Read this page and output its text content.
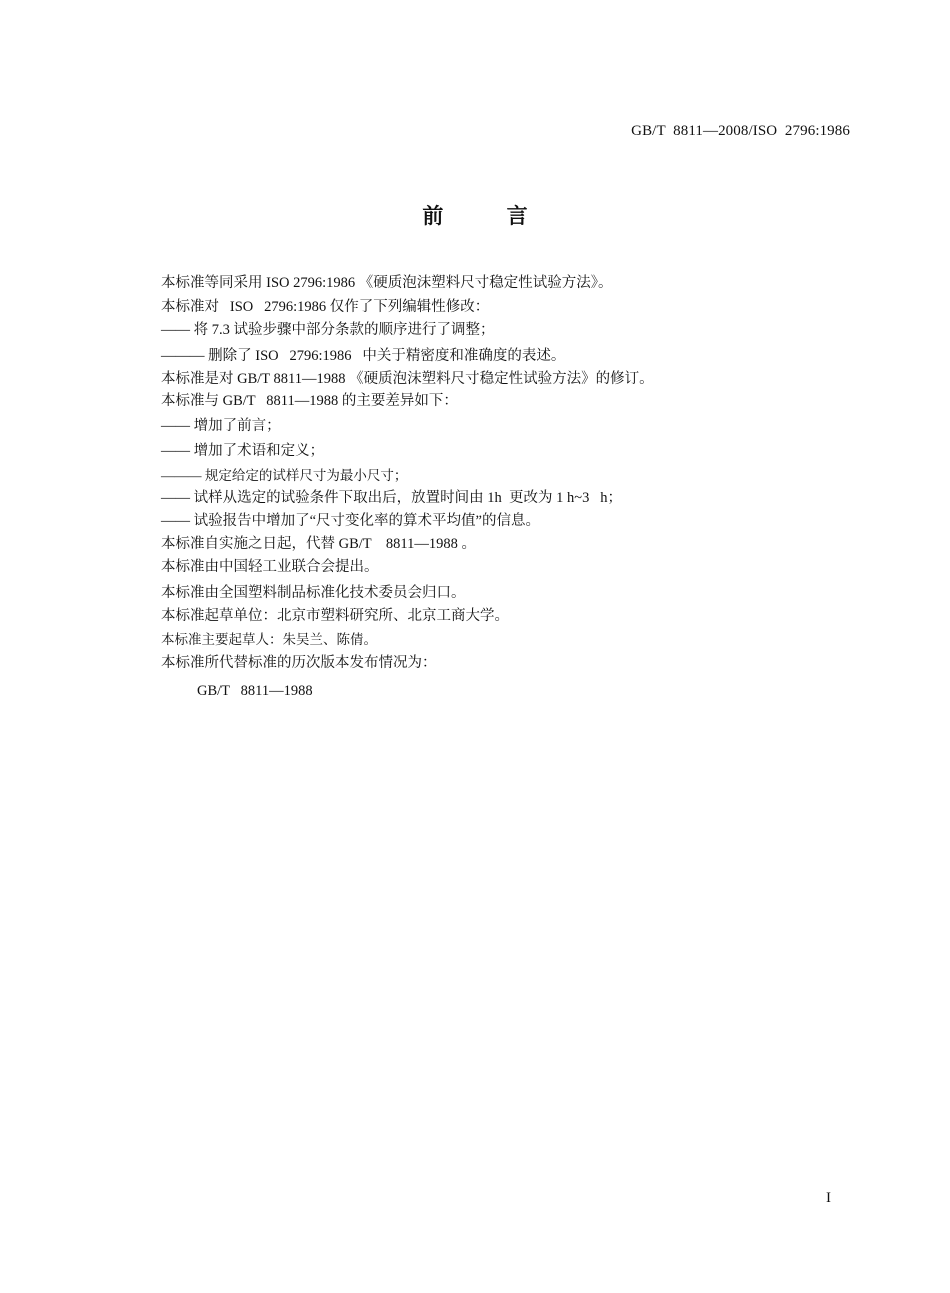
GB/T  8811—2008/ISO  2796:1986
前 言
本标准等同采用 ISO 2796:1986 《硬质泡沫塑料尺寸稳定性试验方法》。
本标准对   ISO   2796:1986 仅作了下列编辑性修改：
—— 将 7.3 试验步骤中部分条款的顺序进行了调整；
——— 删除了 ISO   2796:1986   中关于精密度和准确度的表述。
本标准是对 GB/T 8811—1988 《硬质泡沫塑料尺寸稳定性试验方法》的修订。
本标准与 GB/T   8811—1988 的主要差异如下：
—— 增加了前言；
—— 增加了术语和定义；
——— 规定给定的试样尺寸为最小尺寸；
—— 试样从选定的试验条件下取出后，放置时间由 1h  更改为 1 h~3   h；
—— 试验报告中增加了“尺寸变化率的算术平均值”的信息。
本标准自实施之日起，代替 GB/T    8811—1988 。
本标准由中国轻工业联合会提出。
本标准由全国塑料制品标准化技术委员会归口。
本标准起草单位：北京市塑料研究所、北京工商大学。
本标准主要起草人：朱吴兰、陈倩。
本标准所代替标准的历次版本发布情况为：
GB/T   8811—1988
I
